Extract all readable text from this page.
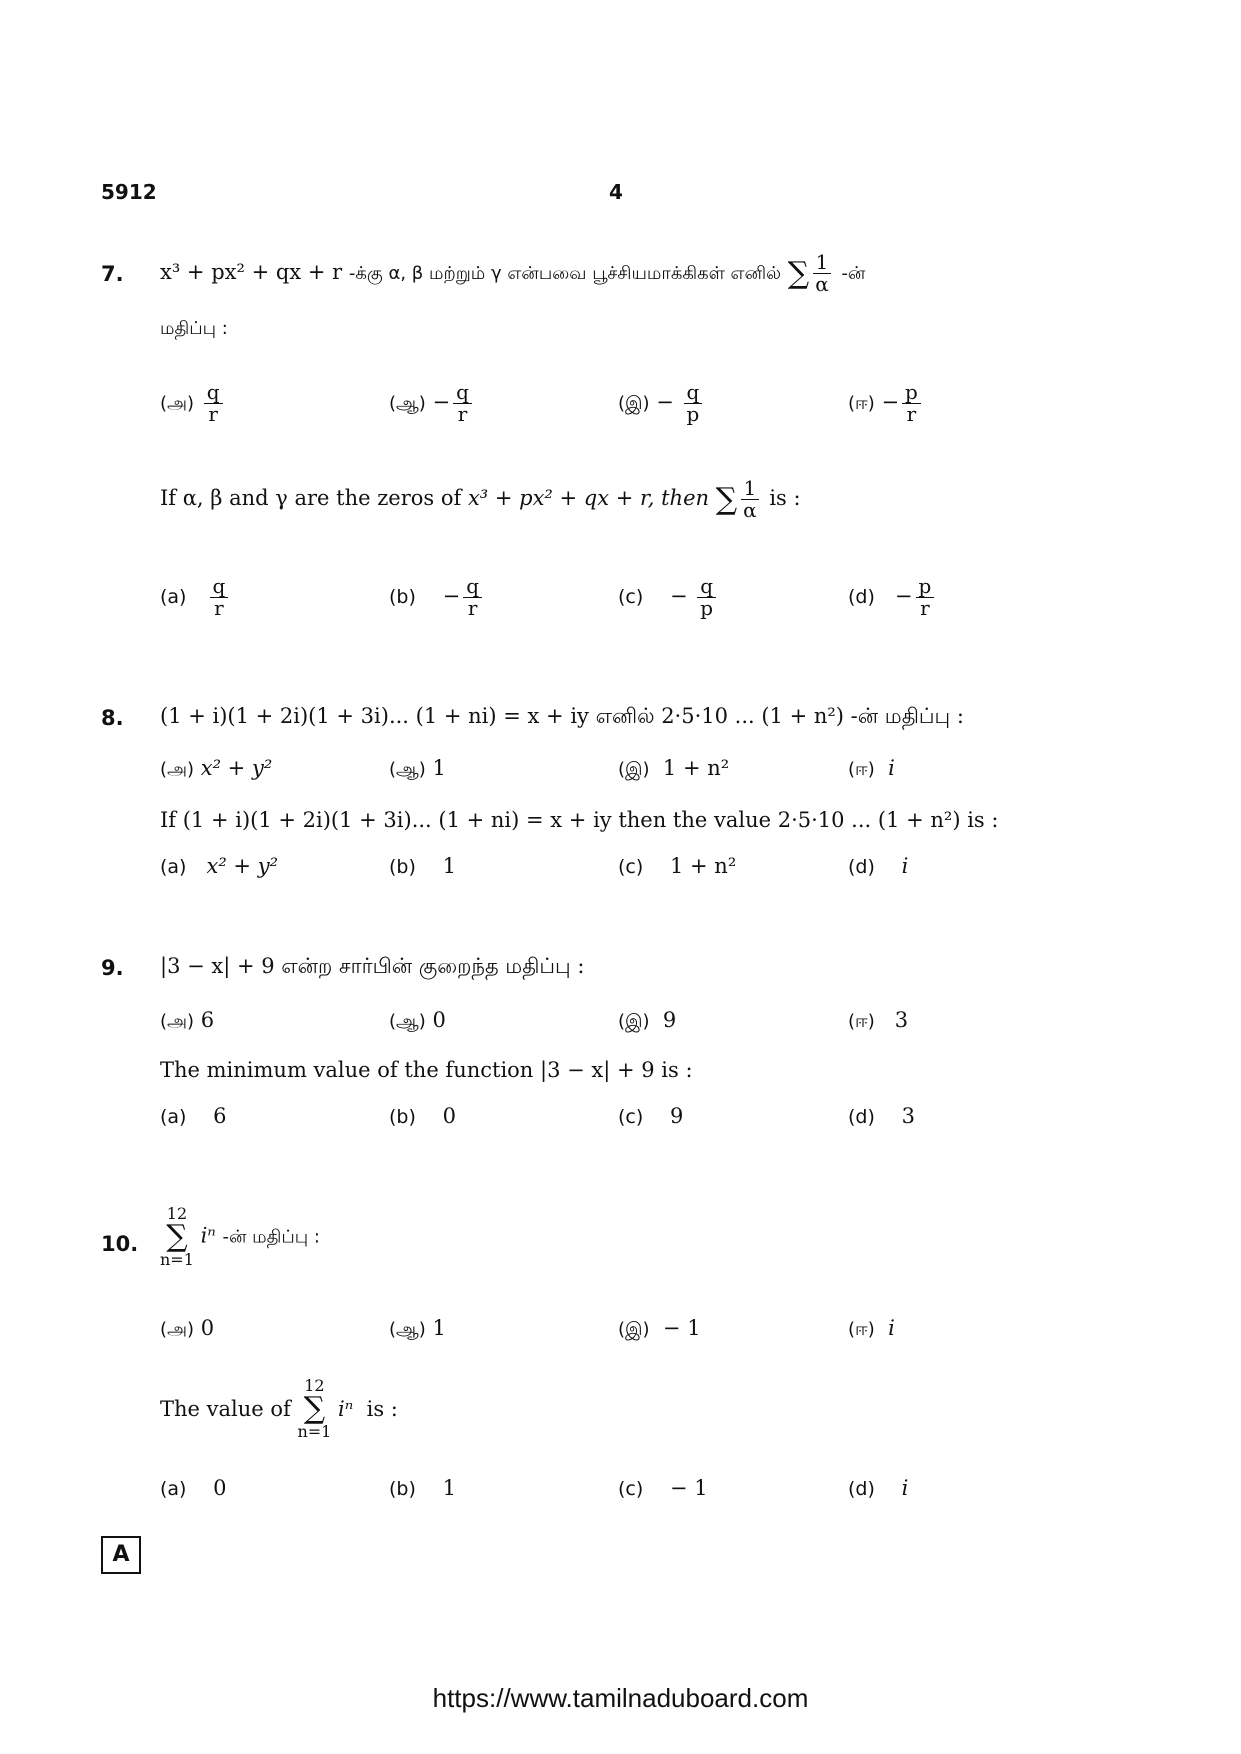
5912	4
7. x³ + px² + qx + r -க்கு α, β மற்றும் γ என்பவை பூச்சியமாக்கிகள் எனில் ∑ $\frac{1}{\alpha}$ -ன்
மதிப்பு :
(அ) $\frac{q}{r}$	(ஆ) − $\frac{q}{r}$	(இ) − $\frac{q}{p}$	(ஈ) − $\frac{p}{r}$
If α, β and γ are the zeros of x³ + px² + qx + r, then ∑ $\frac{1}{\alpha}$ is :
$(a) \frac{q}{r}$	$(b) - \frac{q}{r}$	$(c) - \frac{q}{p}$	$(d) - \frac{p}{r}$
8. (1 + i)(1 + 2i)(1 + 3i)... (1 + ni) = x + iy எனில் 2·5·10 ... (1 + n²) -ன் மதிப்பு :
(அ) x² + y²	(ஆ) 1	(இ) 1 + n²	(ஈ) i
If (1 + i)(1 + 2i)(1 + 3i)... (1 + ni) = x + iy then the value 2·5·10 ... (1 + n²) is :
(a) x² + y²	(b) 1	(c) 1 + n²	(d) i
9. |3 − x| + 9 என்ற சார்பின் குறைந்த மதிப்பு :
(அ) 6	(ஆ) 0	(இ) 9	(ஈ) 3
The minimum value of the function |3 − x| + 9 is :
(a) 6	(b) 0	(c) 9	(d) 3
10.
12
∑
n=1
iⁿ -ன் மதிப்பு :
(அ) 0	(ஆ) 1	(இ) − 1	(ஈ) i
The value of
12
∑
n=1
iⁿ is :
(a) 0	(b) 1	(c) − 1	(d) i
A
https://www.tamilnaduboard.com
